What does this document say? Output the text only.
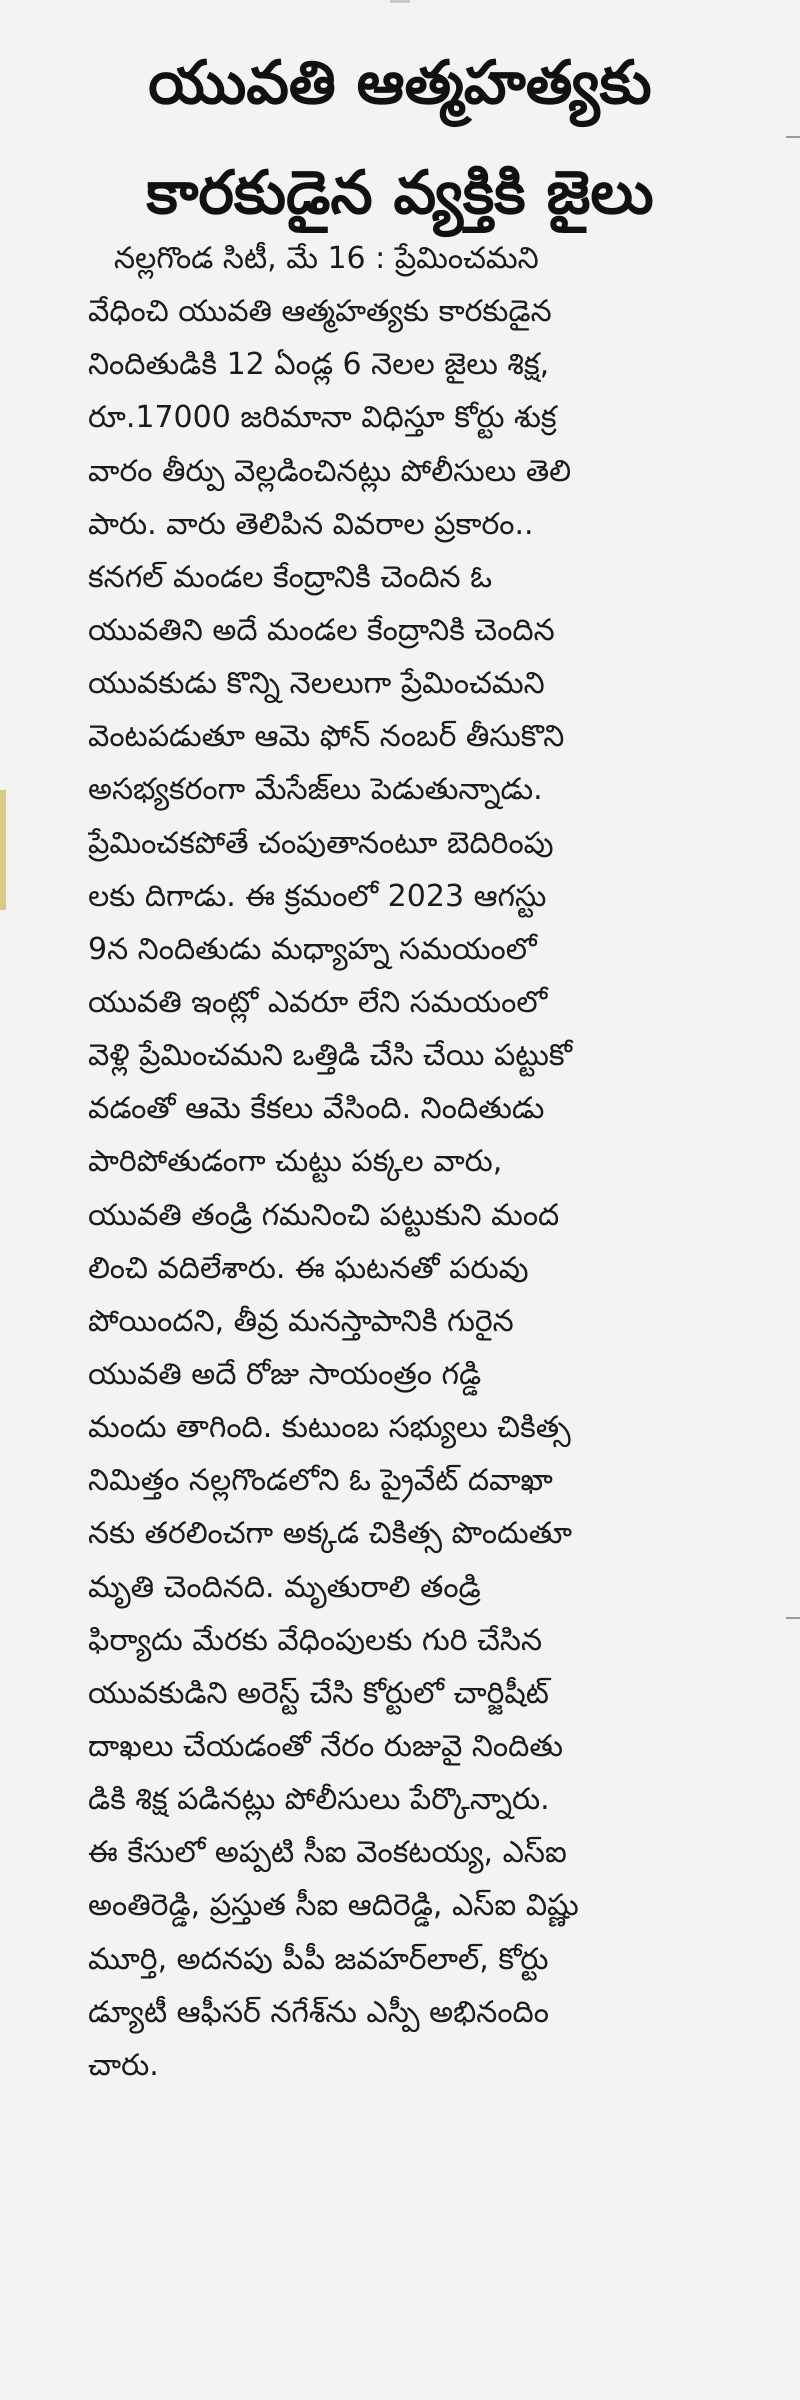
యువతి ఆత్మహత్యకు
కారకుడైన వ్యక్తికి జైలు
నల్లగొండ సిటీ, మే 16 : ప్రేమించమని
వేధించి యువతి ఆత్మహత్యకు కారకుడైన
నిందితుడికి 12 ఏండ్ల 6 నెలల జైలు శిక్ష,
రూ.17000 జరిమానా విధిస్తూ కోర్టు శుక్ర
వారం తీర్పు వెల్లడించినట్లు పోలీసులు తెలి
పారు. వారు తెలిపిన వివరాల ప్రకారం..
కనగల్ మండల కేంద్రానికి చెందిన ఓ
యువతిని అదే మండల కేంద్రానికి చెందిన
యువకుడు కొన్ని నెలలుగా ప్రేమించమని
వెంటపడుతూ ఆమె ఫోన్ నంబర్ తీసుకొని
అసభ్యకరంగా మేసేజ్‌లు పెడుతున్నాడు.
ప్రేమించకపోతే చంపుతానంటూ బెదిరింపు
లకు దిగాడు. ఈ క్రమంలో 2023 ఆగస్టు
9న నిందితుడు మధ్యాహ్న సమయంలో
యువతి ఇంట్లో ఎవరూ లేని సమయంలో
వెళ్లి ప్రేమించమని ఒత్తిడి చేసి చేయి పట్టుకో
వడంతో ఆమె కేకలు వేసింది. నిందితుడు
పారిపోతుడంగా చుట్టు పక్కల వారు,
యువతి తండ్రి గమనించి పట్టుకుని మంద
లించి వదిలేశారు. ఈ ఘటనతో పరువు
పోయిందని, తీవ్ర మనస్తాపానికి గురైన
యువతి అదే రోజు సాయంత్రం గడ్డి
మందు తాగింది. కుటుంబ సభ్యులు చికిత్స
నిమిత్తం నల్లగొండలోని ఓ ప్రైవేట్ దవాఖా
నకు తరలించగా అక్కడ చికిత్స పొందుతూ
మృతి చెందినది. మృతురాలి తండ్రి
ఫిర్యాదు మేరకు వేధింపులకు గురి చేసిన
యువకుడిని అరెస్ట్ చేసి కోర్టులో చార్జిషీట్
దాఖలు చేయడంతో నేరం రుజువై నిందితు
డికి శిక్ష పడినట్లు పోలీసులు పేర్కొన్నారు.
ఈ కేసులో అప్పటి సీఐ వెంకటయ్య, ఎస్ఐ
అంతిరెడ్డి, ప్రస్తుత సీఐ ఆదిరెడ్డి, ఎస్ఐ విష్ణు
మూర్తి, అదనపు పీపీ జవహర్‌లాల్, కోర్టు
డ్యూటీ ఆఫీసర్ నగేశ్‌ను ఎస్పీ అభినందిం
చారు.
